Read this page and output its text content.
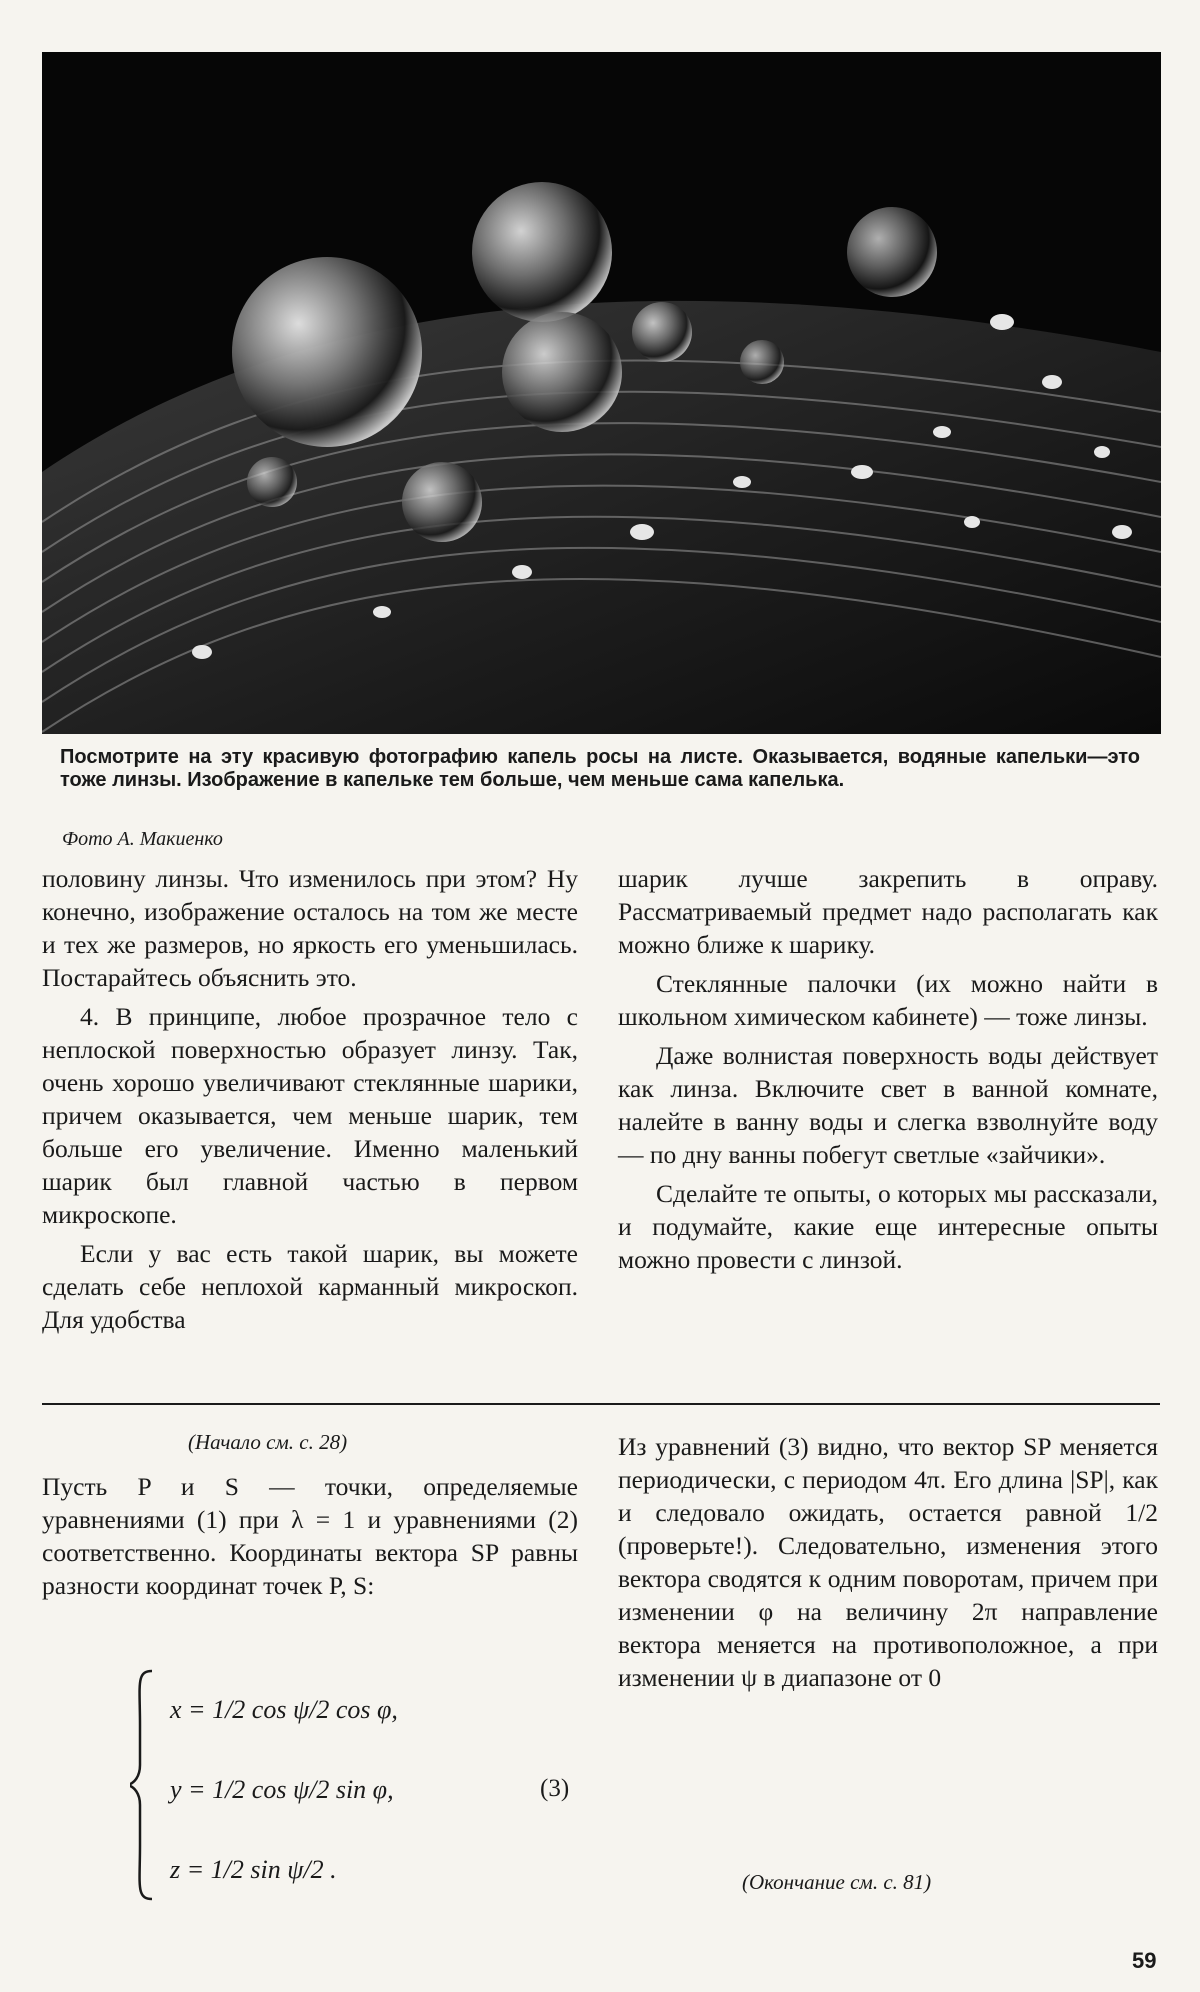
Посмотрите на эту красивую фотографию капель росы на листе. Оказывается, водяные капельки—это тоже линзы. Изображение в капельке тем больше, чем меньше сама капелька.
Фото А. Макиенко

половину линзы. Что изменилось при этом? Ну конечно, изображение осталось на том же месте и тех же размеров, но яркость его уменьшилась. Постарайтесь объяснить это.

4. В принципе, любое прозрачное тело с неплоской поверхностью образует линзу. Так, очень хорошо увеличивают стеклянные шарики, причем оказывается, чем меньше шарик, тем больше его увеличение. Именно маленький шарик был главной частью в первом микроскопе.

Если у вас есть такой шарик, вы можете сделать себе неплохой карманный микроскоп. Для удобства

шарик лучше закрепить в оправу. Рассматриваемый предмет надо располагать как можно ближе к шарику.

Стеклянные палочки (их можно найти в школьном химическом кабинете) — тоже линзы.

Даже волнистая поверхность воды действует как линза. Включите свет в ванной комнате, налейте в ванну воды и слегка взволнуйте воду — по дну ванны побегут светлые «зайчики».

Сделайте те опыты, о которых мы рассказали, и подумайте, какие еще интересные опыты можно провести с линзой.

(Начало см. с. 28)
Пусть P и S — точки, определяемые уравнениями (1) при λ = 1 и уравнениями (2) соответственно. Координаты вектора SP равны разности координат точек P, S:
x = 1/2 cos ψ/2 cos φ,
y = 1/2 cos ψ/2 sin φ,
z = 1/2 sin ψ/2 .
(3)
Из уравнений (3) видно, что вектор SP меняется периодически, с периодом 4π. Его длина |SP|, как и следовало ожидать, остается равной 1/2 (проверьте!). Следовательно, изменения этого вектора сводятся к одним поворотам, причем при изменении φ на величину 2π направление вектора меняется на противоположное, а при изменении ψ в диапазоне от 0
(Окончание см. с. 81)
59
